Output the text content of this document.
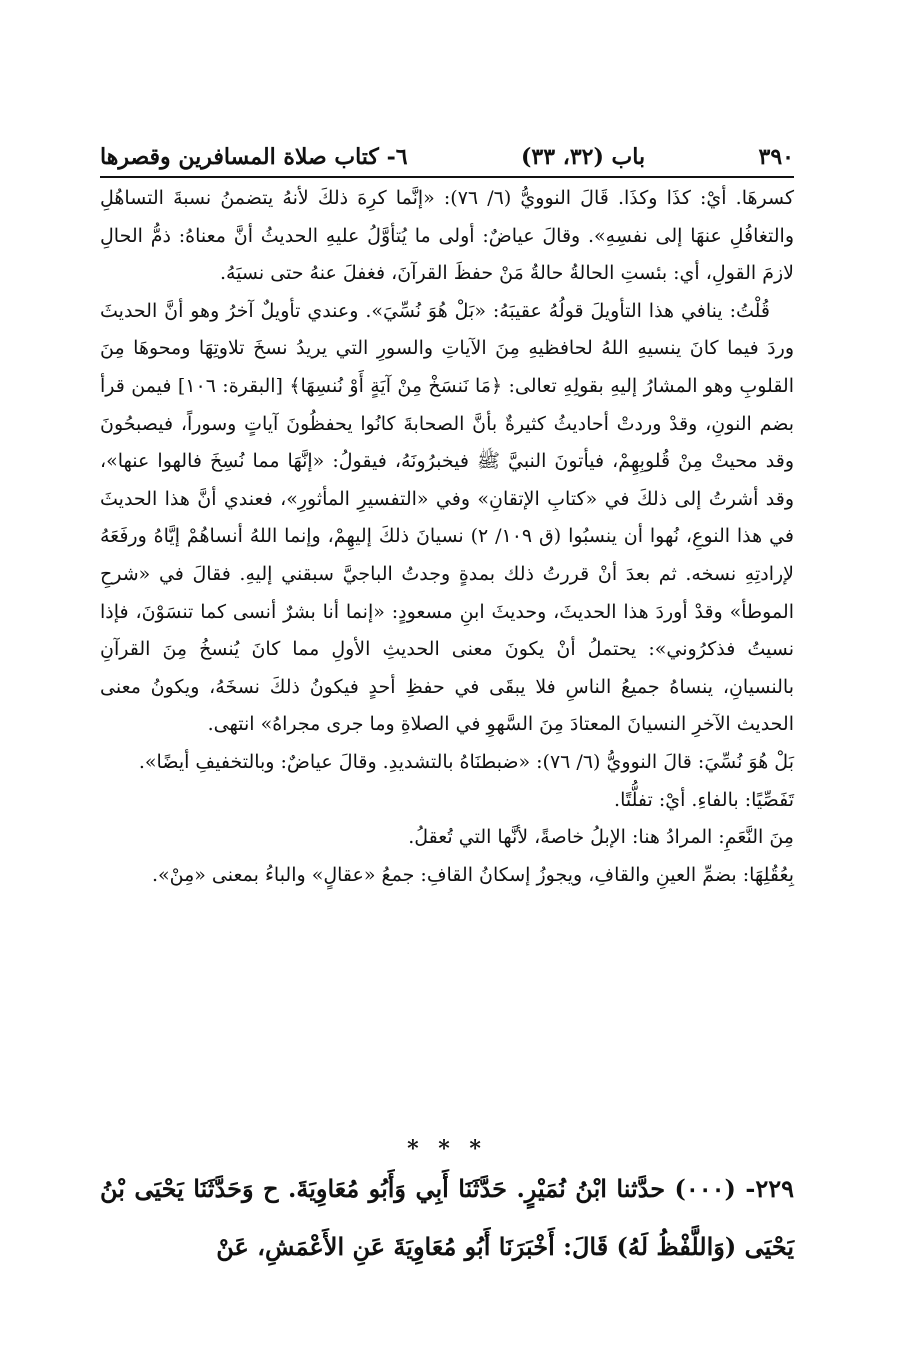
٣٩٠
باب (٣٢، ٣٣)
٦- كتاب صلاة المسافرين وقصرها

كسرهَا. أيْ: كذَا وكذَا. قَالَ النوويُّ (٦/ ٧٦): «إنَّما كرِهَ ذلكَ لأنهُ يتضمنُ نسبةَ التساهُلِ والتغافُلِ عنهَا إلى نفسِهِ». وقالَ عياضٌ: أولى ما يُتأوَّلُ عليهِ الحديثُ أنَّ معناهُ: ذمُّ الحالِ لازمَ القولِ، أي: بئستِ الحالةُ حالةُ مَنْ حفظَ القرآنَ، فغفلَ عنهُ حتى نسيَهُ.

قُلْتُ: ينافي هذا التأويلَ قولُهُ عقيبَهُ: «بَلْ هُوَ نُسِّيَ». وعندي تأويلٌ آخرُ وهو أنَّ الحديثَ وردَ فيما كانَ ينسيهِ اللهُ لحافظيهِ مِنَ الآياتِ والسورِ التي يريدُ نسخَ تلاوتِهَا ومحوهَا مِنَ القلوبِ وهو المشارُ إليهِ بقولِهِ تعالى: ﴿مَا نَنسَخْ مِنْ آيَةٍ أَوْ نُنسِهَا﴾ [البقرة: ١٠٦] فيمن قرأ بضم النونِ، وقدْ وردتْ أحاديثُ كثيرةٌ بأنَّ الصحابةَ كانُوا يحفظُونَ آياتٍ وسوراً، فيصبحُونَ وقد محيتْ مِنْ قُلوبِهِمْ، فيأتونَ النبيَّ ﷺ فيخبرُونَهُ، فيقولُ: «إنَّهَا مما نُسِخَ فالهوا عنها»، وقد أشرتُ إلى ذلكَ في «كتابِ الإتقانِ» وفي «التفسيرِ المأثورِ»، فعندي أنَّ هذا الحديثَ في هذا النوعِ، نُهوا أن ينسبُوا (ق ١٠٩/ ٢) نسيانَ ذلكَ إليهِمْ، وإنما اللهُ أنساهُمْ إيَّاهُ ورفَعَهُ لإرادتِهِ نسخه. ثم بعدَ أنْ قررتُ ذلك بمدةٍ وجدتُ الباجيَّ سبقني إليهِ. فقالَ في «شرحِ الموطأ» وقدْ أوردَ هذا الحديثَ، وحديثَ ابنِ مسعودٍ: «إنما أنا بشرٌ أنسى كما تنسَوْنَ، فإذا نسيتُ فذكرُوني»: يحتملُ أنْ يكونَ معنى الحديثِ الأولِ مما كانَ يُنسخُ مِنَ القرآنِ بالنسيانِ، ينساهُ جميعُ الناسِ فلا يبقَى في حفظِ أحدٍ فيكونُ ذلكَ نسخَهُ، ويكونُ معنى الحديث الآخرِ النسيانَ المعتادَ مِنَ السَّهوِ في الصلاةِ وما جرى مجراهُ» انتهى.

بَلْ هُوَ نُسِّيَ: قالَ النوويُّ (٦/ ٧٦): «ضبطنَاهُ بالتشديدِ. وقالَ عياضٌ: وبالتخفيفِ أيضًا».

تَفَصِّيًا: بالفاءِ. أيْ: تفلُّتًا.

مِنَ النَّعَمِ: المرادُ هنا: الإبلُ خاصةً، لأنَّها التي تُعقلُ.

بِعُقُلِهَا: بضمِّ العينِ والقافِ، ويجوزُ إسكانُ القافِ: جمعُ «عقالٍ» والباءُ بمعنى «مِنْ».

* * *

٢٢٩- (٠٠٠) حدَّثنا ابْنُ نُمَيْرٍ. حَدَّثَنَا أَبِي وَأَبُو مُعَاوِيَةَ. ح وَحَدَّثَنَا يَحْيَى بْنُ يَحْيَى (وَاللَّفْظُ لَهُ) قَالَ: أَخْبَرَنَا أَبُو مُعَاوِيَةَ عَنِ الأَعْمَشِ، عَنْ
